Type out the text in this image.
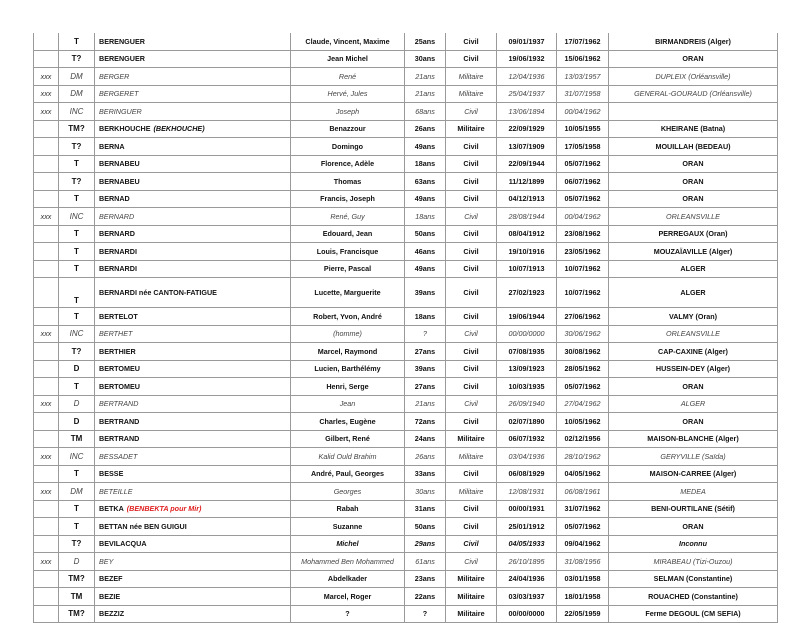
	T	BERENGUER	Claude, Vincent, Maxime	25ans	Civil	09/01/1937	17/07/1962	BIRMANDREIS (Alger)
	T?	BERENGUER	Jean Michel	30ans	Civil	19/06/1932	15/06/1962	ORAN
xxx	DM	BERGER	René	21ans	Militaire	12/04/1936	13/03/1957	DUPLEIX (Orléansville)
xxx	DM	BERGERET	Hervé, Jules	21ans	Militaire	25/04/1937	31/07/1958	GENERAL-GOURAUD (Orléansville)
xxx	INC	BERINGUER	Joseph	68ans	Civil	13/06/1894	00/04/1962	
	TM?	BERKHOUCHE (BEKHOUCHE)	Benazzour	26ans	Militaire	22/09/1929	10/05/1955	KHEIRANE (Batna)
	T?	BERNA	Domingo	49ans	Civil	13/07/1909	17/05/1958	MOUILLAH (BEDEAU)
	T	BERNABEU	Florence, Adèle	18ans	Civil	22/09/1944	05/07/1962	ORAN
	T?	BERNABEU	Thomas	63ans	Civil	11/12/1899	06/07/1962	ORAN
	T	BERNAD	Francis, Joseph	49ans	Civil	04/12/1913	05/07/1962	ORAN
xxx	INC	BERNARD	René, Guy	18ans	Civil	28/08/1944	00/04/1962	ORLEANSVILLE
	T	BERNARD	Edouard, Jean	50ans	Civil	08/04/1912	23/08/1962	PERREGAUX (Oran)
	T	BERNARDI	Louis, Francisque	46ans	Civil	19/10/1916	23/05/1962	MOUZAÏAVILLE (Alger)
	T	BERNARDI	Pierre, Pascal	49ans	Civil	10/07/1913	10/07/1962	ALGER
	T	BERNARDI née CANTON-FATIGUE	Lucette, Marguerite	39ans	Civil	27/02/1923	10/07/1962	ALGER
	T	BERTELOT	Robert, Yvon, André	18ans	Civil	19/06/1944	27/06/1962	VALMY (Oran)
xxx	INC	BERTHET	(homme)	?	Civil	00/00/0000	30/06/1962	ORLEANSVILLE
	T?	BERTHIER	Marcel, Raymond	27ans	Civil	07/08/1935	30/08/1962	CAP-CAXINE (Alger)
	D	BERTOMEU	Lucien, Barthélémy	39ans	Civil	13/09/1923	28/05/1962	HUSSEIN-DEY (Alger)
	T	BERTOMEU	Henri, Serge	27ans	Civil	10/03/1935	05/07/1962	ORAN
xxx	D	BERTRAND	Jean	21ans	Civil	26/09/1940	27/04/1962	ALGER
	D	BERTRAND	Charles, Eugène	72ans	Civil	02/07/1890	10/05/1962	ORAN
	TM	BERTRAND	Gilbert, René	24ans	Militaire	06/07/1932	02/12/1956	MAISON-BLANCHE (Alger)
xxx	INC	BESSADET	Kalid Ould Brahim	26ans	Militaire	03/04/1936	28/10/1962	GERYVILLE (Saïda)
	T	BESSE	André, Paul, Georges	33ans	Civil	06/08/1929	04/05/1962	MAISON-CARREE (Alger)
xxx	DM	BETEILLE	Georges	30ans	Militaire	12/08/1931	06/08/1961	MEDEA
	T	BETKA (BENBEKTA pour Mir)	Rabah	31ans	Civil	00/00/1931	31/07/1962	BENI-OURTILANE (Sétif)
	T	BETTAN née BEN GUIGUI	Suzanne	50ans	Civil	25/01/1912	05/07/1962	ORAN
	T?	BEVILACQUA	Michel	29ans	Civil	04/05/1933	09/04/1962	Inconnu
xxx	D	BEY	Mohammed Ben Mohammed	61ans	Civil	26/10/1895	31/08/1956	MIRABEAU (Tizi-Ouzou)
	TM?	BEZEF	Abdelkader	23ans	Militaire	24/04/1936	03/01/1958	SELMAN (Constantine)
	TM	BEZIE	Marcel, Roger	22ans	Militaire	03/03/1937	18/01/1958	ROUACHED (Constantine)
	TM?	BEZZIZ	?	?	Militaire	00/00/0000	22/05/1959	Ferme DEGOUL (CM SEFIA)
